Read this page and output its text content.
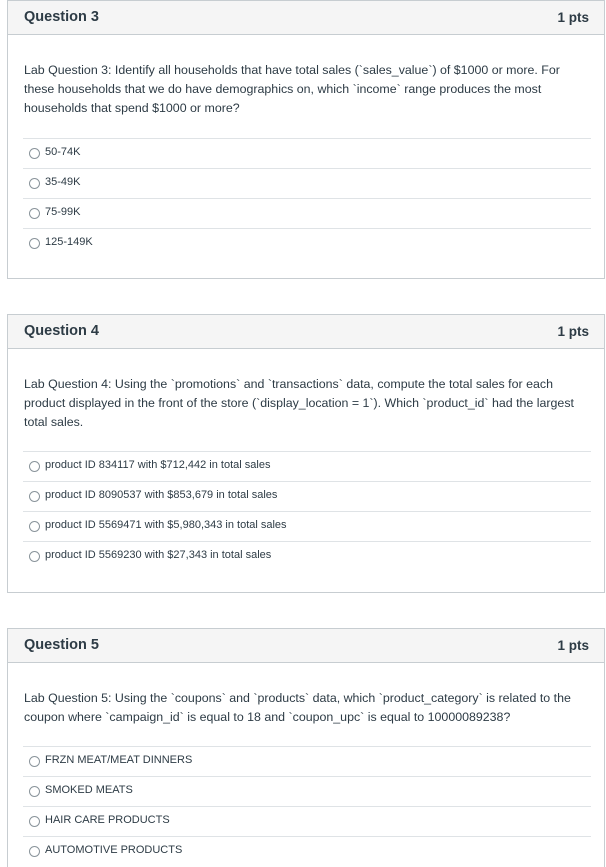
Question 3	1 pts
Lab Question 3: Identify all households that have total sales (`sales_value`) of $1000 or more. For these households that we do have demographics on, which `income` range produces the most households that spend $1000 or more?
50-74K
35-49K
75-99K
125-149K
Question 4	1 pts
Lab Question 4: Using the `promotions` and `transactions` data, compute the total sales for each product displayed in the front of the store (`display_location = 1`). Which `product_id` had the largest total sales.
product ID 834117 with $712,442 in total sales
product ID 8090537 with $853,679 in total sales
product ID 5569471 with $5,980,343 in total sales
product ID 5569230 with $27,343 in total sales
Question 5	1 pts
Lab Question 5: Using the `coupons` and `products` data, which `product_category` is related to the coupon where `campaign_id` is equal to 18 and `coupon_upc` is equal to 10000089238?
FRZN MEAT/MEAT DINNERS
SMOKED MEATS
HAIR CARE PRODUCTS
AUTOMOTIVE PRODUCTS
